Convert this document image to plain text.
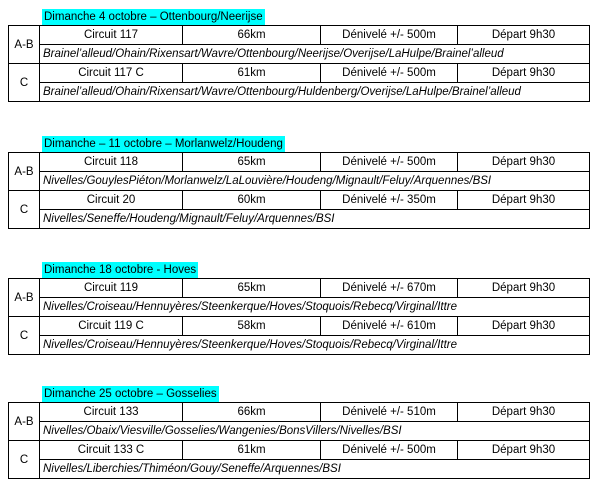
Dimanche 4 octobre – Ottenbourg/Neerijse
A-B	Circuit 117	66km	Dénivelé +/- 500m	Départ 9h30
	Brainel’alleud/Ohain/Rixensart/Wavre/Ottenbourg/Neerijse/Overijse/LaHulpe/Brainel’alleud			
C	Circuit 117 C	61km	Dénivelé +/- 500m	Départ 9h30
	Brainel’alleud/Ohain/Rixensart/Wavre/Ottenbourg/Huldenberg/Overijse/LaHulpe/Brainel’alleud			
Dimanche – 11 octobre – Morlanwelz/Houdeng
A-B	Circuit 118	65km	Dénivelé +/- 500m	Départ 9h30
	Nivelles/GouylesPiéton/Morlanwelz/LaLouvière/Houdeng/Mignault/Feluy/Arquennes/BSI			
C	Circuit 20	60km	Dénivelé +/- 350m	Départ 9h30
	Nivelles/Seneffe/Houdeng/Mignault/Feluy/Arquennes/BSI			
Dimanche 18 octobre - Hoves
A-B	Circuit 119	65km	Dénivelé +/- 670m	Départ 9h30
	Nivelles/Croiseau/Hennuyères/Steenkerque/Hoves/Stoquois/Rebecq/Virginal/Ittre			
C	Circuit 119 C	58km	Dénivelé +/- 610m	Départ 9h30
	Nivelles/Croiseau/Hennuyères/Steenkerque/Hoves/Stoquois/Rebecq/Virginal/Ittre			
Dimanche 25 octobre – Gosselies
A-B	Circuit 133	66km	Dénivelé +/- 510m	Départ 9h30
	Nivelles/Obaix/Viesville/Gosselies/Wangenies/BonsVillers/Nivelles/BSI			
C	Circuit 133 C	61km	Dénivelé +/- 500m	Départ 9h30
	Nivelles/Liberchies/Thiméon/Gouy/Seneffe/Arquennes/BSI			
